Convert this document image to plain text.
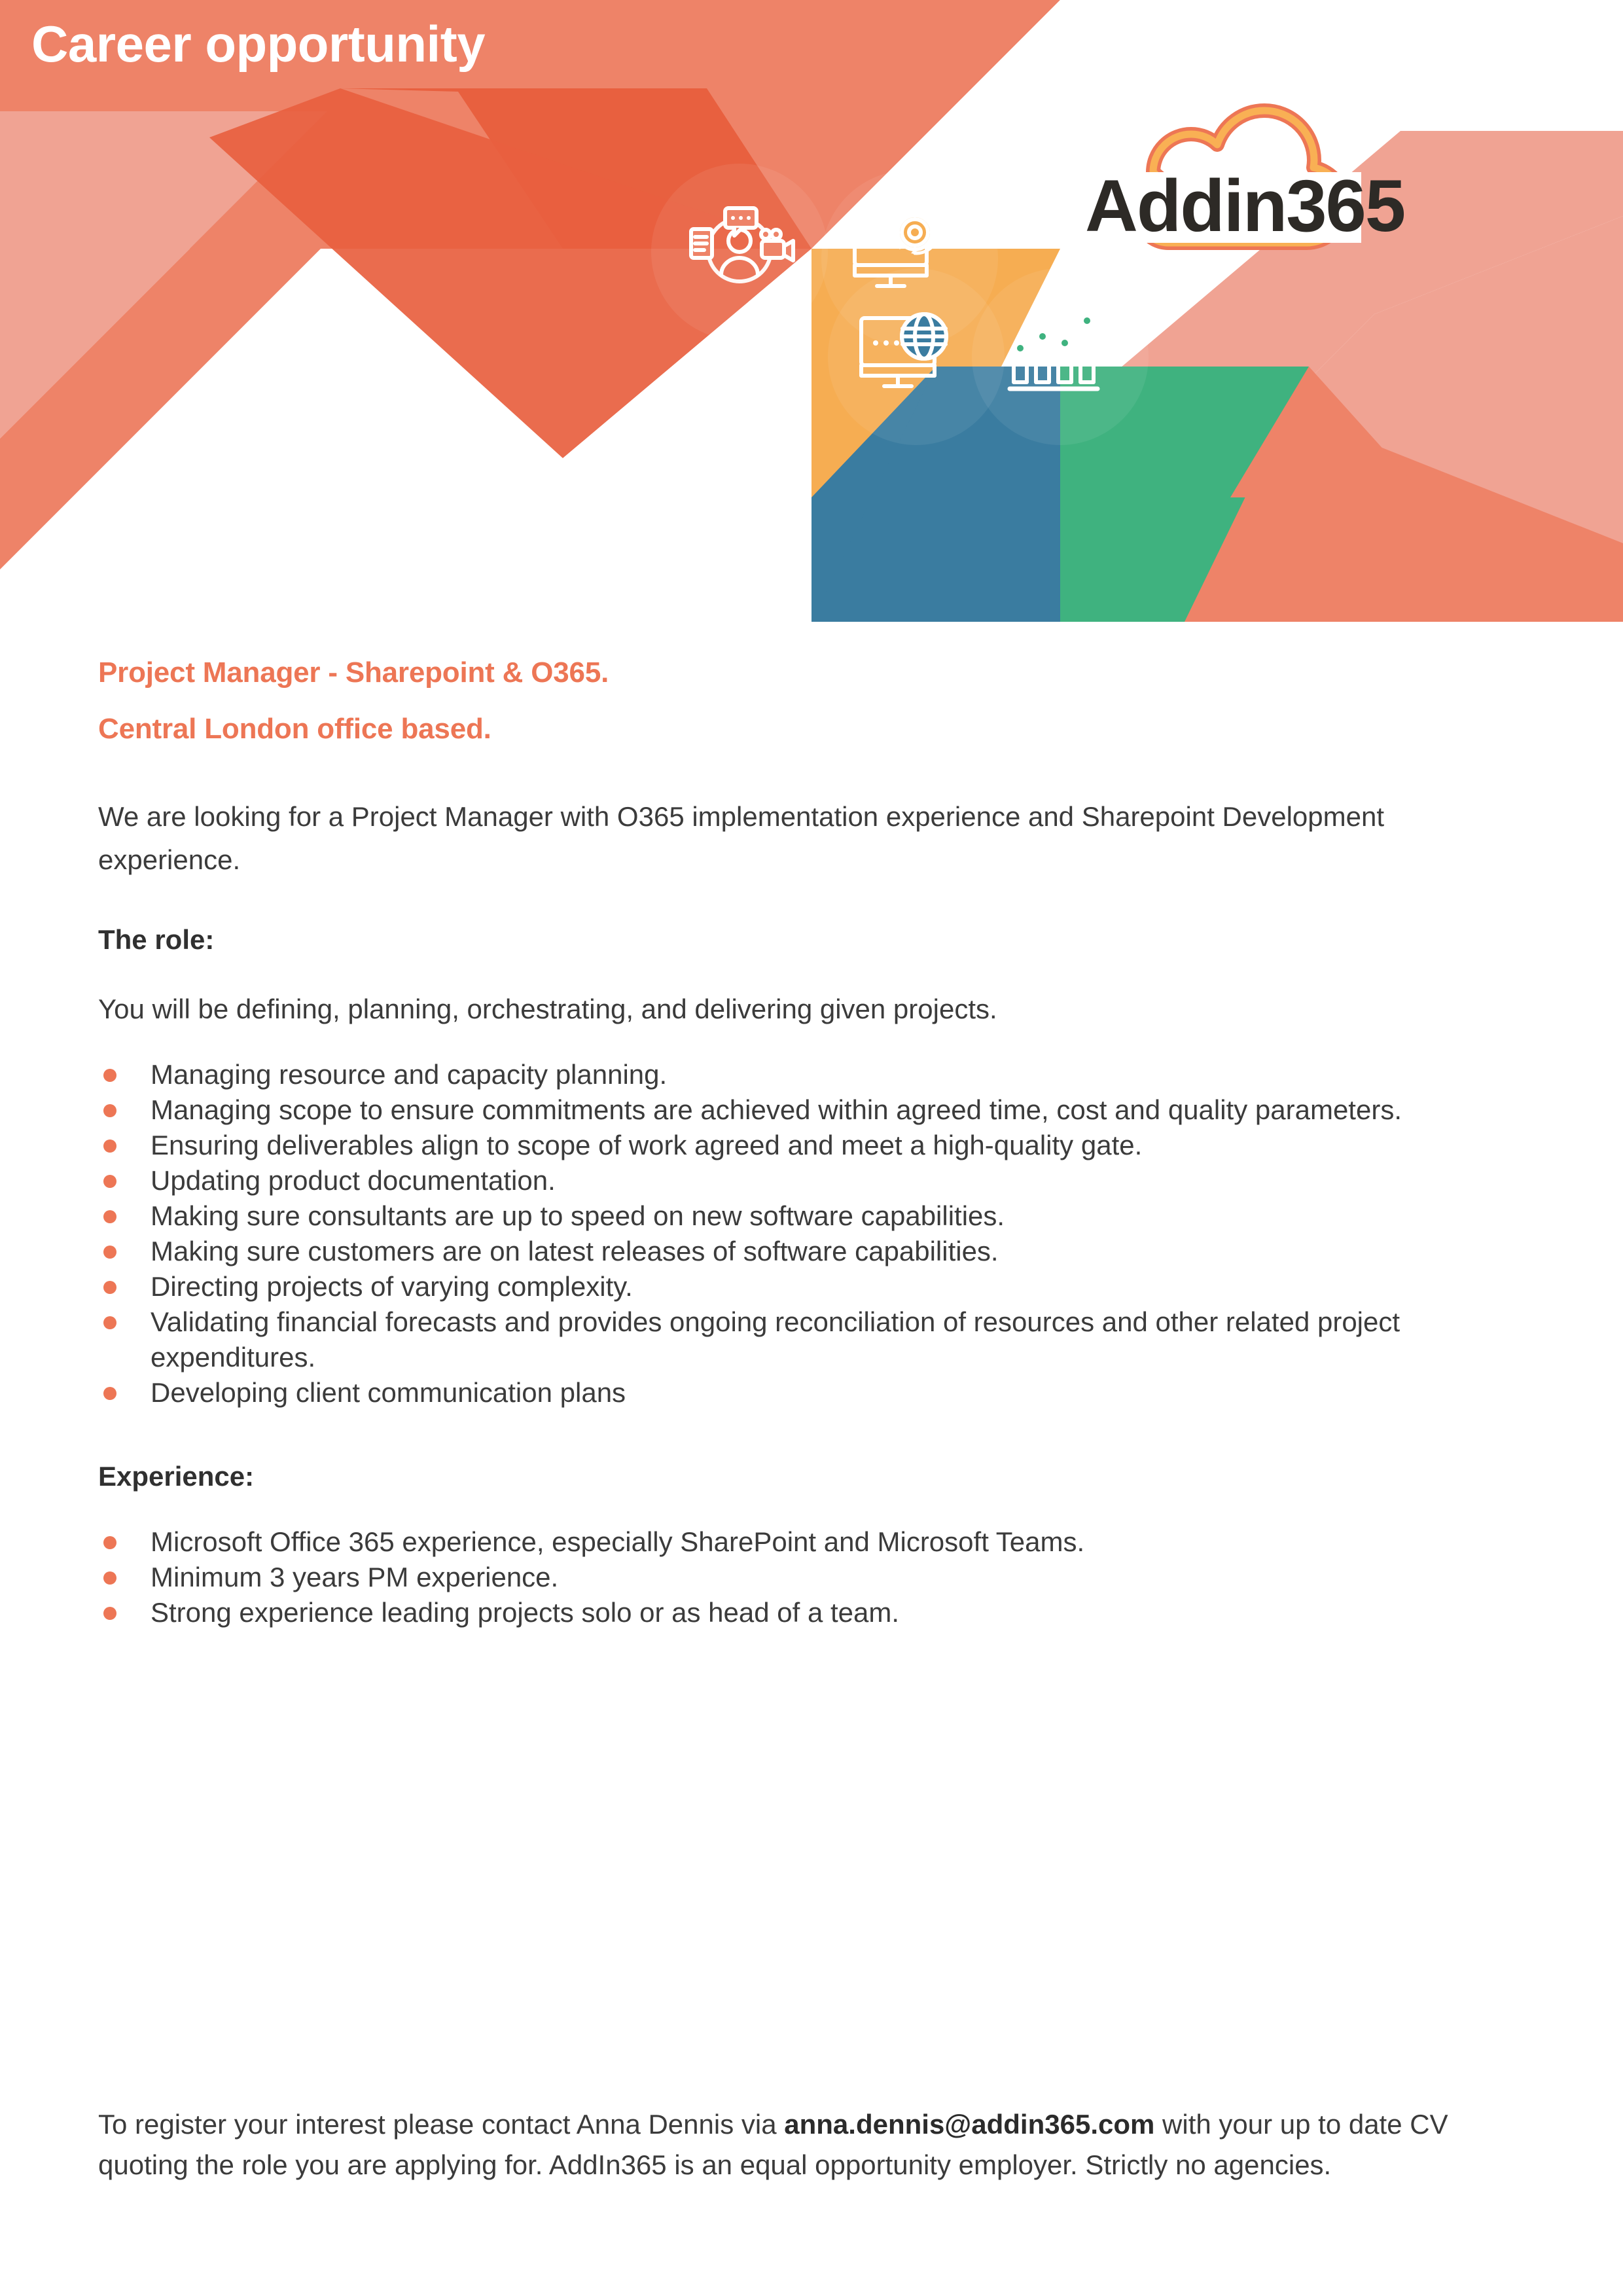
Career opportunity
Addin365
Project Manager - Sharepoint & O365.
Central London office based.

We are looking for a Project Manager with O365 implementation experience and Sharepoint Development experience.

The role:

You will be defining, planning, orchestrating, and delivering given projects.

Managing resource and capacity planning.
Managing scope to ensure commitments are achieved within agreed time, cost and quality parameters.
Ensuring deliverables align to scope of work agreed and meet a high-quality gate.
Updating product documentation.
Making sure consultants are up to speed on new software capabilities.
Making sure customers are on latest releases of software capabilities.
Directing projects of varying complexity.
Validating financial forecasts and provides ongoing reconciliation of resources and other related project expenditures.
Developing client communication plans

Experience:

Microsoft Office 365 experience, especially SharePoint and Microsoft Teams.
Minimum 3 years PM experience.
Strong experience leading projects solo or as head of a team.

To register your interest please contact Anna Dennis via anna.dennis@addin365.com with your up to date CV quoting the role you are applying for. AddIn365 is an equal opportunity employer. Strictly no agencies.
